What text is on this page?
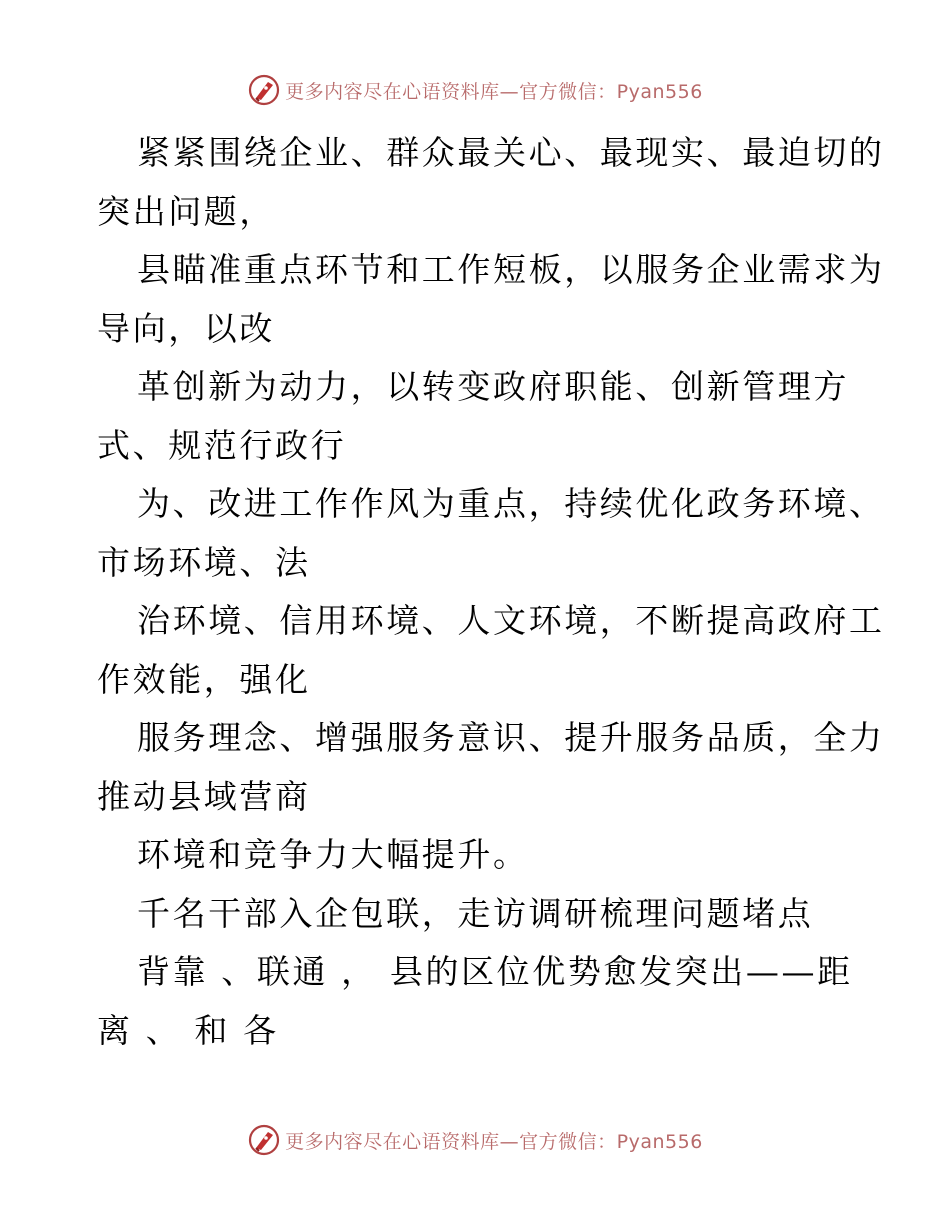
更多内容尽在心语资料库—官方微信：Pyan556
紧紧围绕企业、群众最关心、最现实、最迫切的
突出问题，
县瞄准重点环节和工作短板，以服务企业需求为
导向，以改
革创新为动力，以转变政府职能、创新管理方
式、规范行政行
为、改进工作作风为重点，持续优化政务环境、
市场环境、法
治环境、信用环境、人文环境，不断提高政府工
作效能，强化
服务理念、增强服务意识、提升服务品质，全力
推动县域营商
环境和竞争力大幅提升。
千名干部入企包联，走访调研梳理问题堵点
背靠 、联通 ， 县的区位优势愈发突出——距
离 、 和 各
更多内容尽在心语资料库—官方微信：Pyan556
